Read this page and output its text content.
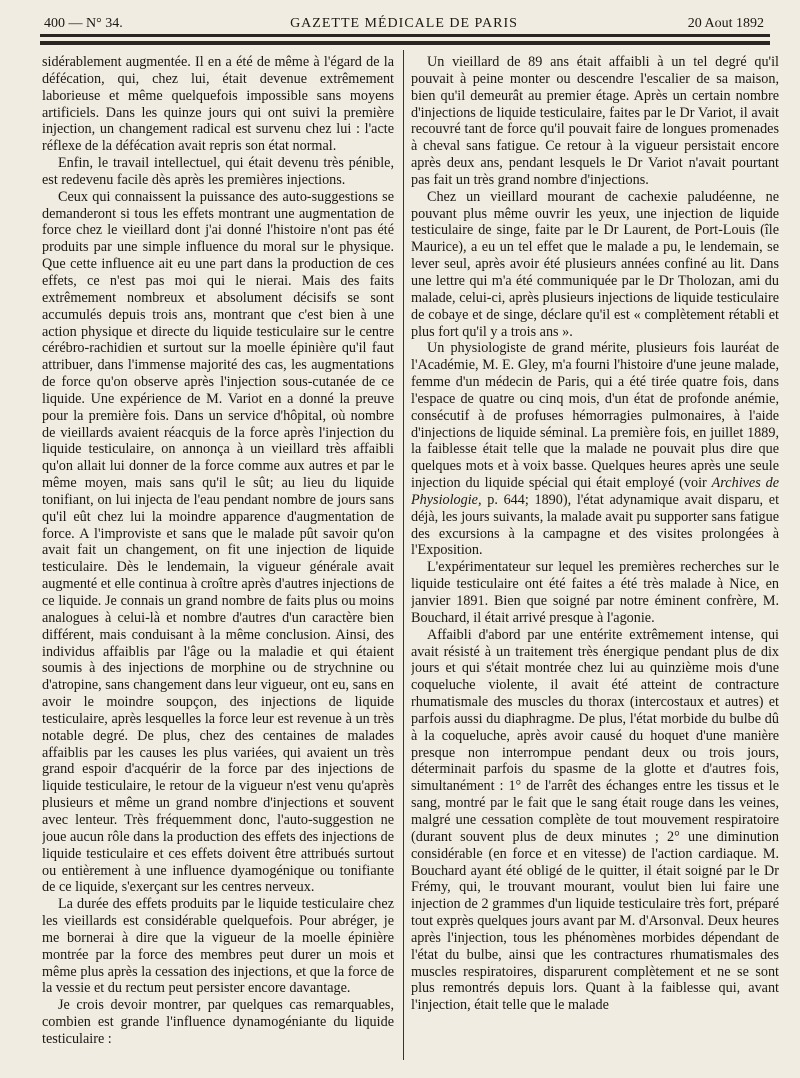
400 — N° 34.	GAZETTE MÉDICALE DE PARIS	20 Aout 1892

sidérablement augmentée. Il en a été de même à l'égard de la défécation, qui, chez lui, était devenue extrêmement laborieuse et même quelquefois impossible sans moyens artificiels. Dans les quinze jours qui ont suivi la première injection, un changement radical est survenu chez lui : l'acte réflexe de la défécation avait repris son état normal.

Enfin, le travail intellectuel, qui était devenu très pénible, est redevenu facile dès après les premières injections.

Ceux qui connaissent la puissance des auto-suggestions se demanderont si tous les effets montrant une augmentation de force chez le vieillard dont j'ai donné l'histoire n'ont pas été produits par une simple influence du moral sur le physique. Que cette influence ait eu une part dans la production de ces effets, ce n'est pas moi qui le nierai. Mais des faits extrêmement nombreux et absolument décisifs se sont accumulés depuis trois ans, montrant que c'est bien à une action physique et directe du liquide testiculaire sur le centre cérébro-rachidien et surtout sur la moelle épinière qu'il faut attribuer, dans l'immense majorité des cas, les augmentations de force qu'on observe après l'injection sous-cutanée de ce liquide. Une expérience de M. Variot en a donné la preuve pour la première fois. Dans un service d'hôpital, où nombre de vieillards avaient réacquis de la force après l'injection du liquide testiculaire, on annonça à un vieillard très affaibli qu'on allait lui donner de la force comme aux autres et par le même moyen, mais sans qu'il le sût; au lieu du liquide tonifiant, on lui injecta de l'eau pendant nombre de jours sans qu'il eût chez lui la moindre apparence d'augmentation de force. A l'improviste et sans que le malade pût savoir qu'on avait fait un changement, on fit une injection de liquide testiculaire. Dès le lendemain, la vigueur générale avait augmenté et elle continua à croître après d'autres injections de ce liquide. Je connais un grand nombre de faits plus ou moins analogues à celui-là et nombre d'autres d'un caractère bien différent, mais conduisant à la même conclusion. Ainsi, des individus affaiblis par l'âge ou la maladie et qui étaient soumis à des injections de morphine ou de strychnine ou d'atropine, sans changement dans leur vigueur, ont eu, sans en avoir le moindre soupçon, des injections de liquide testiculaire, après lesquelles la force leur est revenue à un très notable degré. De plus, chez des centaines de malades affaiblis par les causes les plus variées, qui avaient un très grand espoir d'acquérir de la force par des injections de liquide testiculaire, le retour de la vigueur n'est venu qu'après plusieurs et même un grand nombre d'injections et souvent avec lenteur. Très fréquemment donc, l'auto-suggestion ne joue aucun rôle dans la production des effets des injections de liquide testiculaire et ces effets doivent être attribués surtout ou entièrement à une influence dyamogénique ou tonifiante de ce liquide, s'exerçant sur les centres nerveux.

La durée des effets produits par le liquide testiculaire chez les vieillards est considérable quelquefois. Pour abréger, je me bornerai à dire que la vigueur de la moelle épinière montrée par la force des membres peut durer un mois et même plus après la cessation des injections, et que la force de la vessie et du rectum peut persister encore davantage.

Je crois devoir montrer, par quelques cas remarquables, combien est grande l'influence dynamogéniante du liquide testiculaire :

Un vieillard de 89 ans était affaibli à un tel degré qu'il pouvait à peine monter ou descendre l'escalier de sa maison, bien qu'il demeurât au premier étage. Après un certain nombre d'injections de liquide testiculaire, faites par le Dr Variot, il avait recouvré tant de force qu'il pouvait faire de longues promenades à cheval sans fatigue. Ce retour à la vigueur persistait encore après deux ans, pendant lesquels le Dr Variot n'avait pourtant pas fait un très grand nombre d'injections.

Chez un vieillard mourant de cachexie paludéenne, ne pouvant plus même ouvrir les yeux, une injection de liquide testiculaire de singe, faite par le Dr Laurent, de Port-Louis (île Maurice), a eu un tel effet que le malade a pu, le lendemain, se lever seul, après avoir été plusieurs années confiné au lit. Dans une lettre qui m'a été communiquée par le Dr Tholozan, ami du malade, celui-ci, après plusieurs injections de liquide testiculaire de cobaye et de singe, déclare qu'il est « complètement rétabli et plus fort qu'il y a trois ans ».

Un physiologiste de grand mérite, plusieurs fois lauréat de l'Académie, M. E. Gley, m'a fourni l'histoire d'une jeune malade, femme d'un médecin de Paris, qui a été tirée quatre fois, dans l'espace de quatre ou cinq mois, d'un état de profonde anémie, consécutif à de profuses hémorragies pulmonaires, à l'aide d'injections de liquide séminal. La première fois, en juillet 1889, la faiblesse était telle que la malade ne pouvait plus dire que quelques mots et à voix basse. Quelques heures après une seule injection du liquide spécial qui était employé (voir Archives de Physiologie, p. 644; 1890), l'état adynamique avait disparu, et déjà, les jours suivants, la malade avait pu supporter sans fatigue des excursions à la campagne et des visites prolongées à l'Exposition.

L'expérimentateur sur lequel les premières recherches sur le liquide testiculaire ont été faites a été très malade à Nice, en janvier 1891. Bien que soigné par notre éminent confrère, M. Bouchard, il était arrivé presque à l'agonie.

Affaibli d'abord par une entérite extrêmement intense, qui avait résisté à un traitement très énergique pendant plus de dix jours et qui s'était montrée chez lui au quinzième mois d'une coqueluche violente, il avait été atteint de contracture rhumatismale des muscles du thorax (intercostaux et autres) et parfois aussi du diaphragme. De plus, l'état morbide du bulbe dû à la coqueluche, après avoir causé du hoquet d'une manière presque non interrompue pendant deux ou trois jours, déterminait parfois du spasme de la glotte et d'autres fois, simultanément : 1° de l'arrêt des échanges entre les tissus et le sang, montré par le fait que le sang était rouge dans les veines, malgré une cessation complète de tout mouvement respiratoire (durant souvent plus de deux minutes ; 2° une diminution considérable (en force et en vitesse) de l'action cardiaque. M. Bouchard ayant été obligé de le quitter, il était soigné par le Dr Frémy, qui, le trouvant mourant, voulut bien lui faire une injection de 2 grammes d'un liquide testiculaire très fort, préparé tout exprès quelques jours avant par M. d'Arsonval. Deux heures après l'injection, tous les phénomènes morbides dépendant de l'état du bulbe, ainsi que les contractures rhumatismales des muscles respiratoires, disparurent complètement et ne se sont plus remontrés depuis lors. Quant à la faiblesse qui, avant l'injection, était telle que le malade
